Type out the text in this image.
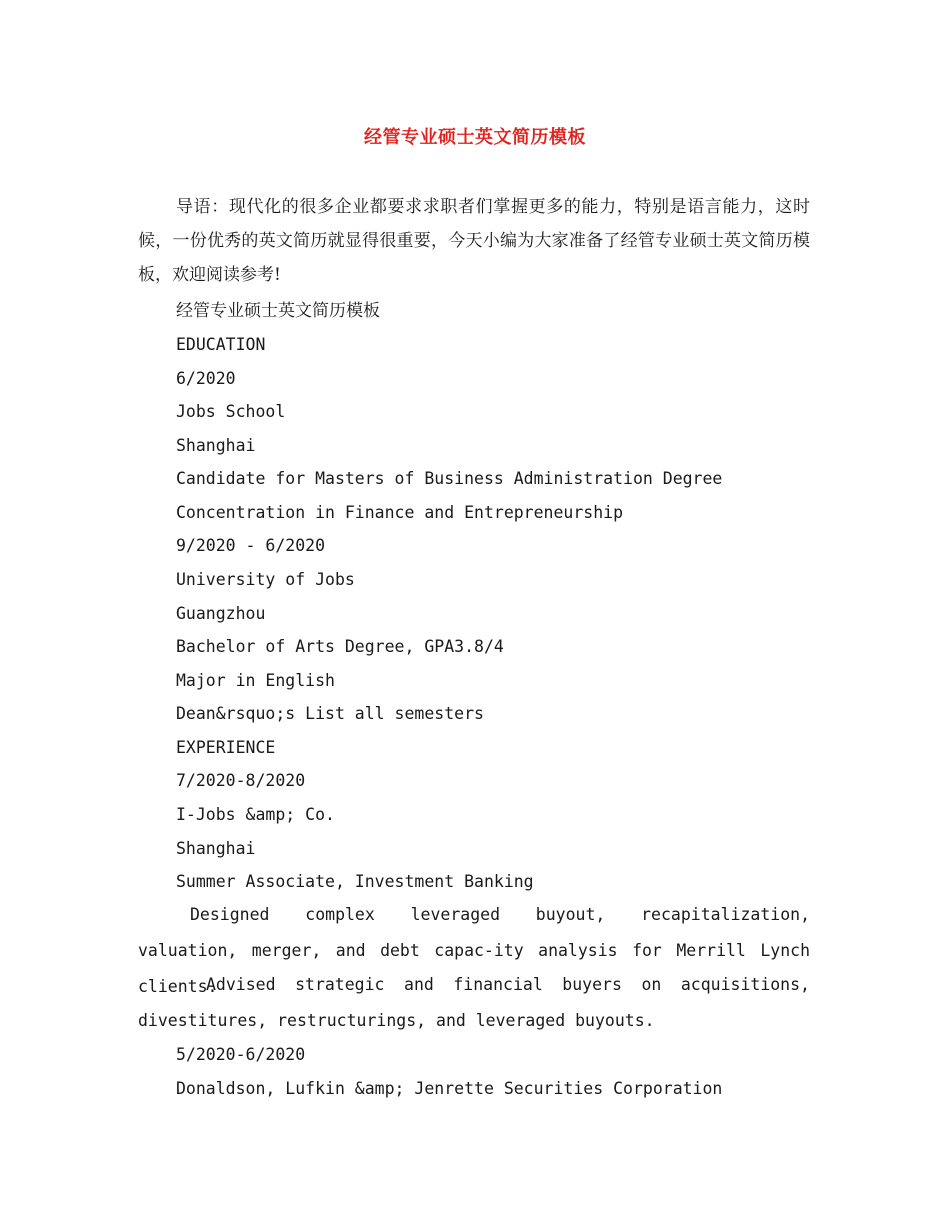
经管专业硕士英文简历模板

导语：现代化的很多企业都要求求职者们掌握更多的能力，特别是语言能力，这时候，一份优秀的英文简历就显得很重要，今天小编为大家准备了经管专业硕士英文简历模板，欢迎阅读参考!

经管专业硕士英文简历模板

EDUCATION

6/2020

Jobs School

Shanghai

Candidate for Masters of Business Administration Degree

Concentration in Finance and Entrepreneurship

9/2020 - 6/2020

University of Jobs

Guangzhou

Bachelor of Arts Degree, GPA3.8/4

Major in English

Dean&rsquo;s List all semesters

EXPERIENCE

7/2020-8/2020

I-Jobs &amp; Co.

Shanghai

Summer Associate, Investment Banking

Designed complex leveraged buyout, recapitalization, valuation, merger, and debt capac-ity analysis for Merrill Lynch clients.

Advised strategic and financial buyers on acquisitions, divestitures, restructurings, and leveraged buyouts.

5/2020-6/2020

Donaldson, Lufkin &amp; Jenrette Securities Corporation
